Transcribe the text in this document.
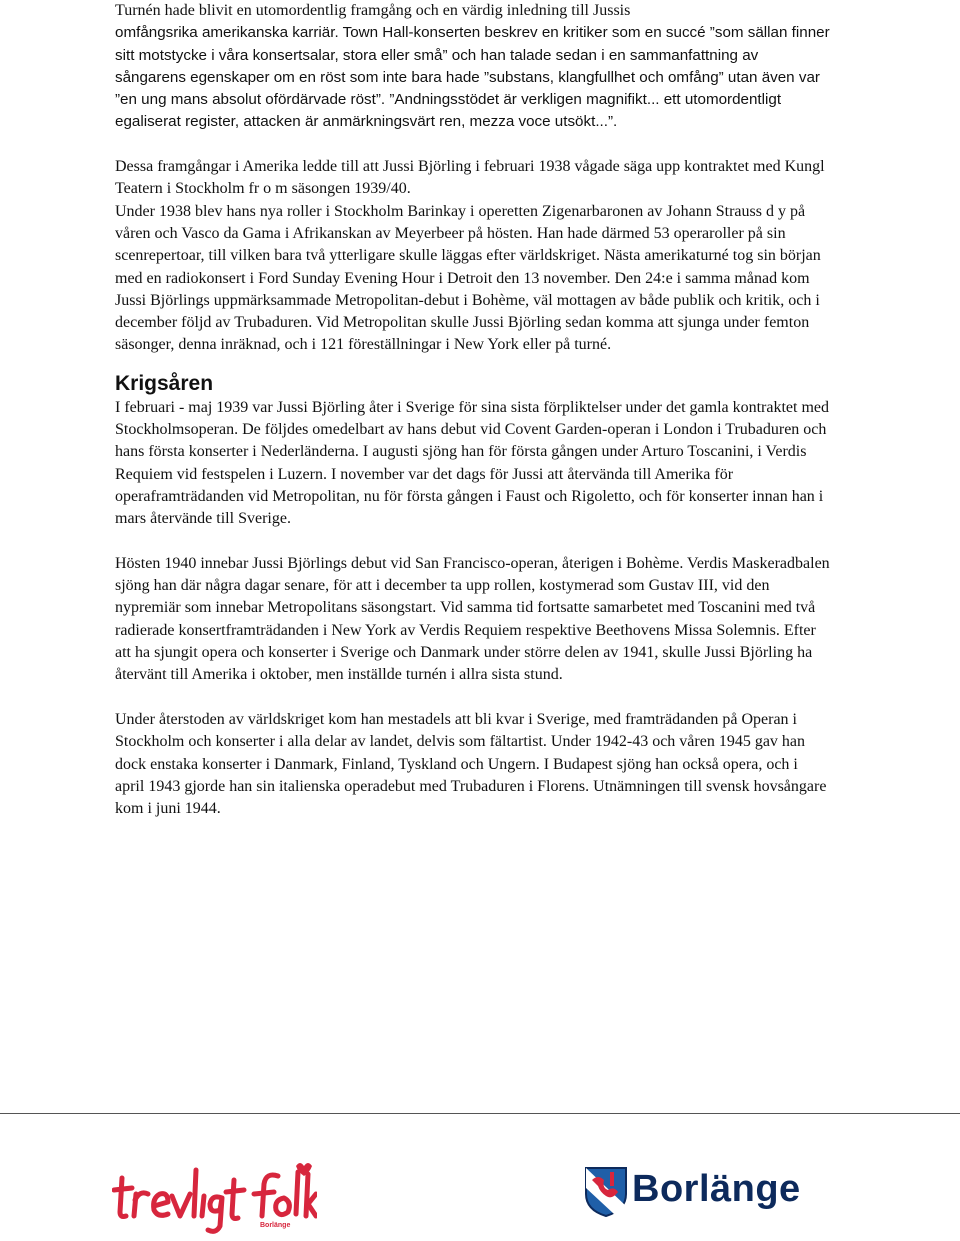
Turnén hade blivit en utomordentlig framgång och en värdig inledning till Jussis

omfångsrika amerikanska karriär. Town Hall-konserten beskrev en kritiker som en succé ”som sällan finner sitt motstycke i våra konsertsalar, stora eller små” och han talade sedan i en sammanfattning av sångarens egenskaper om en röst som inte bara hade ”substans, klangfullhet och omfång” utan även var ”en ung mans absolut ofördärvade röst”. ”Andningsstödet är verkligen magnifikt... ett utomordentligt egaliserat register, attacken är anmärkningsvärt ren, mezza voce utsökt...”.

Dessa framgångar i Amerika ledde till att Jussi Björling i februari 1938 vågade säga upp kontraktet med Kungl Teatern i Stockholm fr o m säsongen 1939/40.

Under 1938 blev hans nya roller i Stockholm Barinkay i operetten Zigenarbaronen av Johann Strauss d y på våren och Vasco da Gama i Afrikanskan av Meyerbeer på hösten. Han hade därmed 53 operaroller på sin scenrepertoar, till vilken bara två ytterligare skulle läggas efter världskriget. Nästa amerikaturné tog sin början med en radiokonsert i Ford Sunday Evening Hour i Detroit den 13 november. Den 24:e i samma månad kom Jussi Björlings uppmärksammade Metropolitan-debut i Bohème, väl mottagen av både publik och kritik, och i december följd av Trubaduren. Vid Metropolitan skulle Jussi Björling sedan komma att sjunga under femton säsonger, denna inräknad, och i 121 föreställningar i New York eller på turné.

Krigsåren

I februari - maj 1939 var Jussi Björling åter i Sverige för sina sista förpliktelser under det gamla kontraktet med Stockholmsoperan. De följdes omedelbart av hans debut vid Covent Garden-operan i London i Trubaduren och hans första konserter i Nederländerna. I augusti sjöng han för första gången under Arturo Toscanini, i Verdis Requiem vid festspelen i Luzern. I november var det dags för Jussi att återvända till Amerika för operaframträdanden vid Metropolitan, nu för första gången i Faust och Rigoletto, och för konserter innan han i mars återvände till Sverige.

Hösten 1940 innebar Jussi Björlings debut vid San Francisco-operan, återigen i Bohème. Verdis Maskeradbalen sjöng han där några dagar senare, för att i december ta upp rollen, kostymerad som Gustav III, vid den nypremiär som innebar Metropolitans säsongstart. Vid samma tid fortsatte samarbetet med Toscanini med två radierade konsertframträdanden i New York av Verdis Requiem respektive Beethovens Missa Solemnis. Efter att ha sjungit opera och konserter i Sverige och Danmark under större delen av 1941, skulle Jussi Björling ha återvänt till Amerika i oktober, men inställde turnén i allra sista stund.

Under återstoden av världskriget kom han mestadels att bli kvar i Sverige, med framträdanden på Operan i Stockholm och konserter i alla delar av landet, delvis som fältartist. Under 1942-43 och våren 1945 gav han dock enstaka konserter i Danmark, Finland, Tyskland och Ungern. I Budapest sjöng han också opera, och i april 1943 gjorde han sin italienska operadebut med Trubaduren i Florens. Utnämningen till svensk hovsångare kom i juni 1944.

Borlänge
Borlänge
